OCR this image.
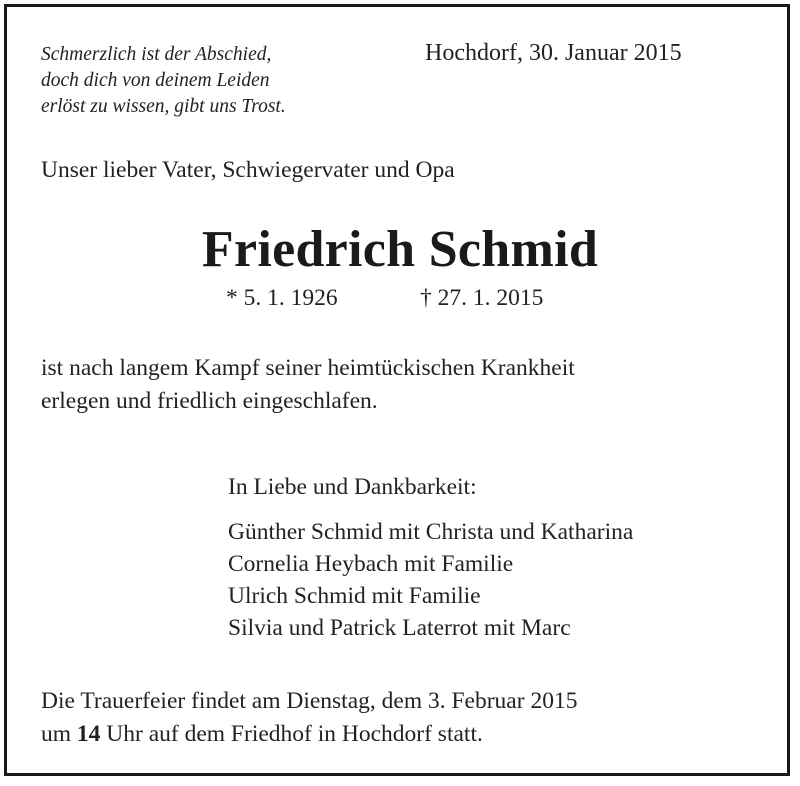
Schmerzlich ist der Abschied,
doch dich von deinem Leiden
erlöst zu wissen, gibt uns Trost.
Hochdorf, 30. Januar 2015
Unser lieber Vater, Schwiegervater und Opa
Friedrich Schmid
* 5. 1. 1926	† 27. 1. 2015
ist nach langem Kampf seiner heimtückischen Krankheit
erlegen und friedlich eingeschlafen.
In Liebe und Dankbarkeit:
Günther Schmid mit Christa und Katharina
Cornelia Heybach mit Familie
Ulrich Schmid mit Familie
Silvia und Patrick Laterrot mit Marc
Die Trauerfeier findet am Dienstag, dem 3. Februar 2015
um 14 Uhr auf dem Friedhof in Hochdorf statt.
